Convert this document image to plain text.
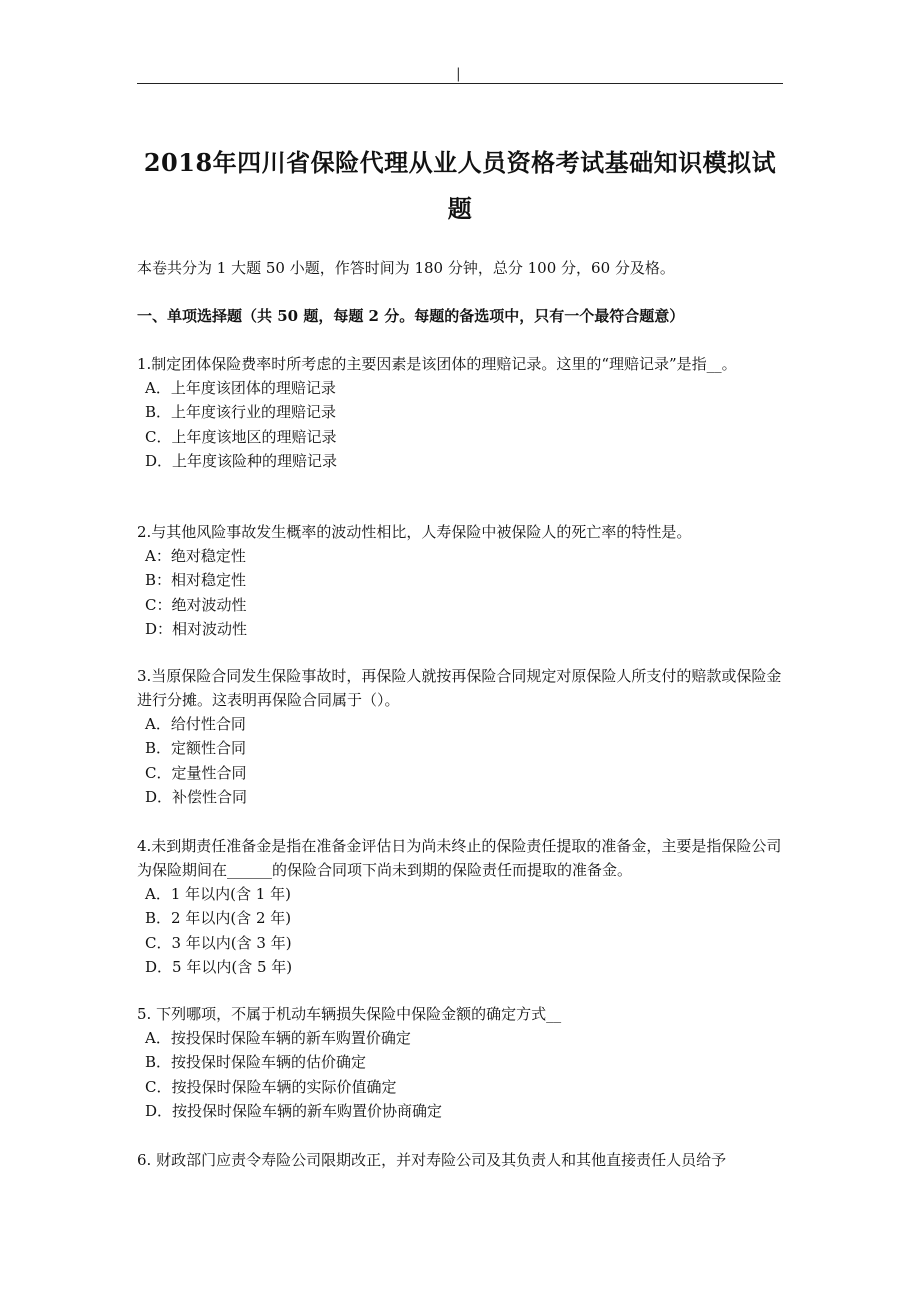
|
2018年四川省保险代理从业人员资格考试基础知识模拟试题
本卷共分为 1 大题 50 小题，作答时间为 180 分钟，总分 100 分，60 分及格。
一、单项选择题（共 50 题，每题 2 分。每题的备选项中，只有一个最符合题意）

1.制定团体保险费率时所考虑的主要因素是该团体的理赔记录。这里的“理赔记录”是指__。

A．上年度该团体的理赔记录

B．上年度该行业的理赔记录

C．上年度该地区的理赔记录

D．上年度该险种的理赔记录

2.与其他风险事故发生概率的波动性相比，人寿保险中被保险人的死亡率的特性是。

A：绝对稳定性

B：相对稳定性

C：绝对波动性

D：相对波动性

3.当原保险合同发生保险事故时，再保险人就按再保险合同规定对原保险人所支付的赔款或保险金进行分摊。这表明再保险合同属于（）。

A．给付性合同

B．定额性合同

C．定量性合同

D．补偿性合同

4.未到期责任准备金是指在准备金评估日为尚未终止的保险责任提取的准备金，主要是指保险公司为保险期间在______的保险合同项下尚未到期的保险责任而提取的准备金。

A．1 年以内(含 1 年)

B．2 年以内(含 2 年)

C．3 年以内(含 3 年)

D．5 年以内(含 5 年)

5. 下列哪项，不属于机动车辆损失保险中保险金额的确定方式__

A．按投保时保险车辆的新车购置价确定

B．按投保时保险车辆的估价确定

C．按投保时保险车辆的实际价值确定

D．按投保时保险车辆的新车购置价协商确定

6. 财政部门应责令寿险公司限期改正，并对寿险公司及其负责人和其他直接责任人员给予
